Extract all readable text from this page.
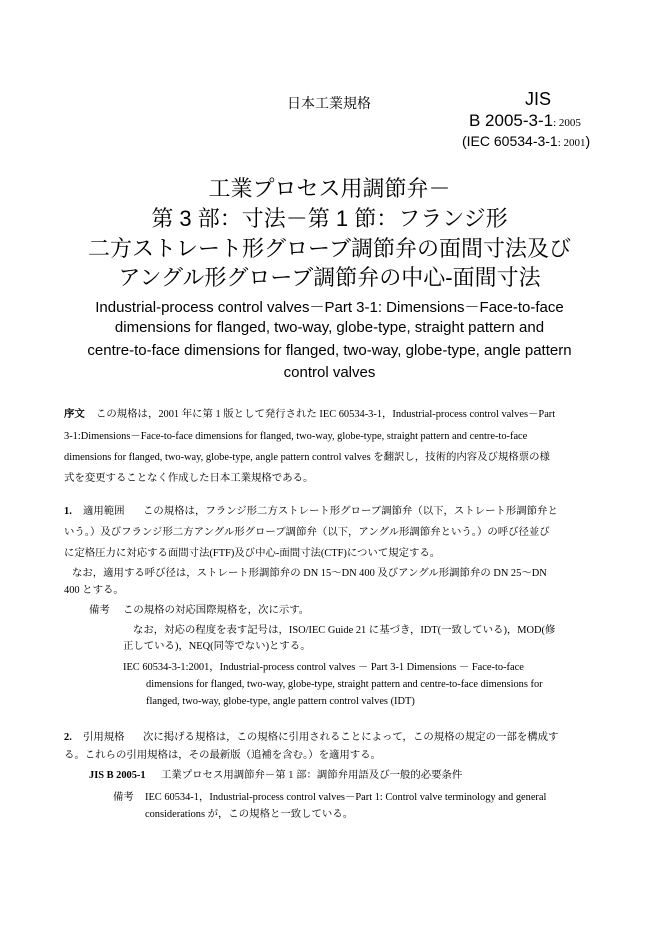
日本工業規格	JIS
B 2005-3-1: 2005
(IEC 60534-3-1: 2001)
工業プロセス用調節弁－
第 3 部：寸法－第 1 節：フランジ形
二方ストレート形グローブ調節弁の面間寸法及び
アングル形グローブ調節弁の中心-面間寸法
Industrial-process control valves－Part 3-1: Dimensions－Face-to-face
dimensions for flanged, two-way, globe-type, straight pattern and
centre-to-face dimensions for flanged, two-way, globe-type, angle pattern
control valves
序文 この規格は，2001 年に第 1 版として発行された IEC 60534-3-1，Industrial-process control valves－Part
3-1:Dimensions－Face-to-face dimensions for flanged, two-way, globe-type, straight pattern and centre-to-face
dimensions for flanged, two-way, globe-type, angle pattern control valves を翻訳し，技術的内容及び規格票の様
式を変更することなく作成した日本工業規格である。
1. 適用範囲 この規格は，フランジ形二方ストレート形グローブ調節弁（以下，ストレート形調節弁と
いう。）及びフランジ形二方アングル形グローブ調節弁（以下，アングル形調節弁という。）の呼び径並び
に定格圧力に対応する面間寸法(FTF)及び中心-面間寸法(CTF)について規定する。
なお，適用する呼び径は，ストレート形調節弁の DN 15～DN 400 及びアングル形調節弁の DN 25～DN
400 とする。
備考 この規格の対応国際規格を，次に示す。
なお，対応の程度を表す記号は，ISO/IEC Guide 21 に基づき，IDT(一致している)，MOD(修
正している)，NEQ(同等でない)とする。
IEC 60534-3-1:2001，Industrial-process control valves － Part 3-1 Dimensions － Face-to-face
dimensions for flanged, two-way, globe-type, straight pattern and centre-to-face dimensions for
flanged, two-way, globe-type, angle pattern control valves (IDT)
2. 引用規格 次に掲げる規格は，この規格に引用されることによって，この規格の規定の一部を構成す
る。これらの引用規格は，その最新版（追補を含む。）を適用する。
JIS B 2005-1 工業プロセス用調節弁－第 1 部：調節弁用語及び一般的必要条件
備考 IEC 60534-1，Industrial-process control valves－Part 1: Control valve terminology and general
considerations が，この規格と一致している。
